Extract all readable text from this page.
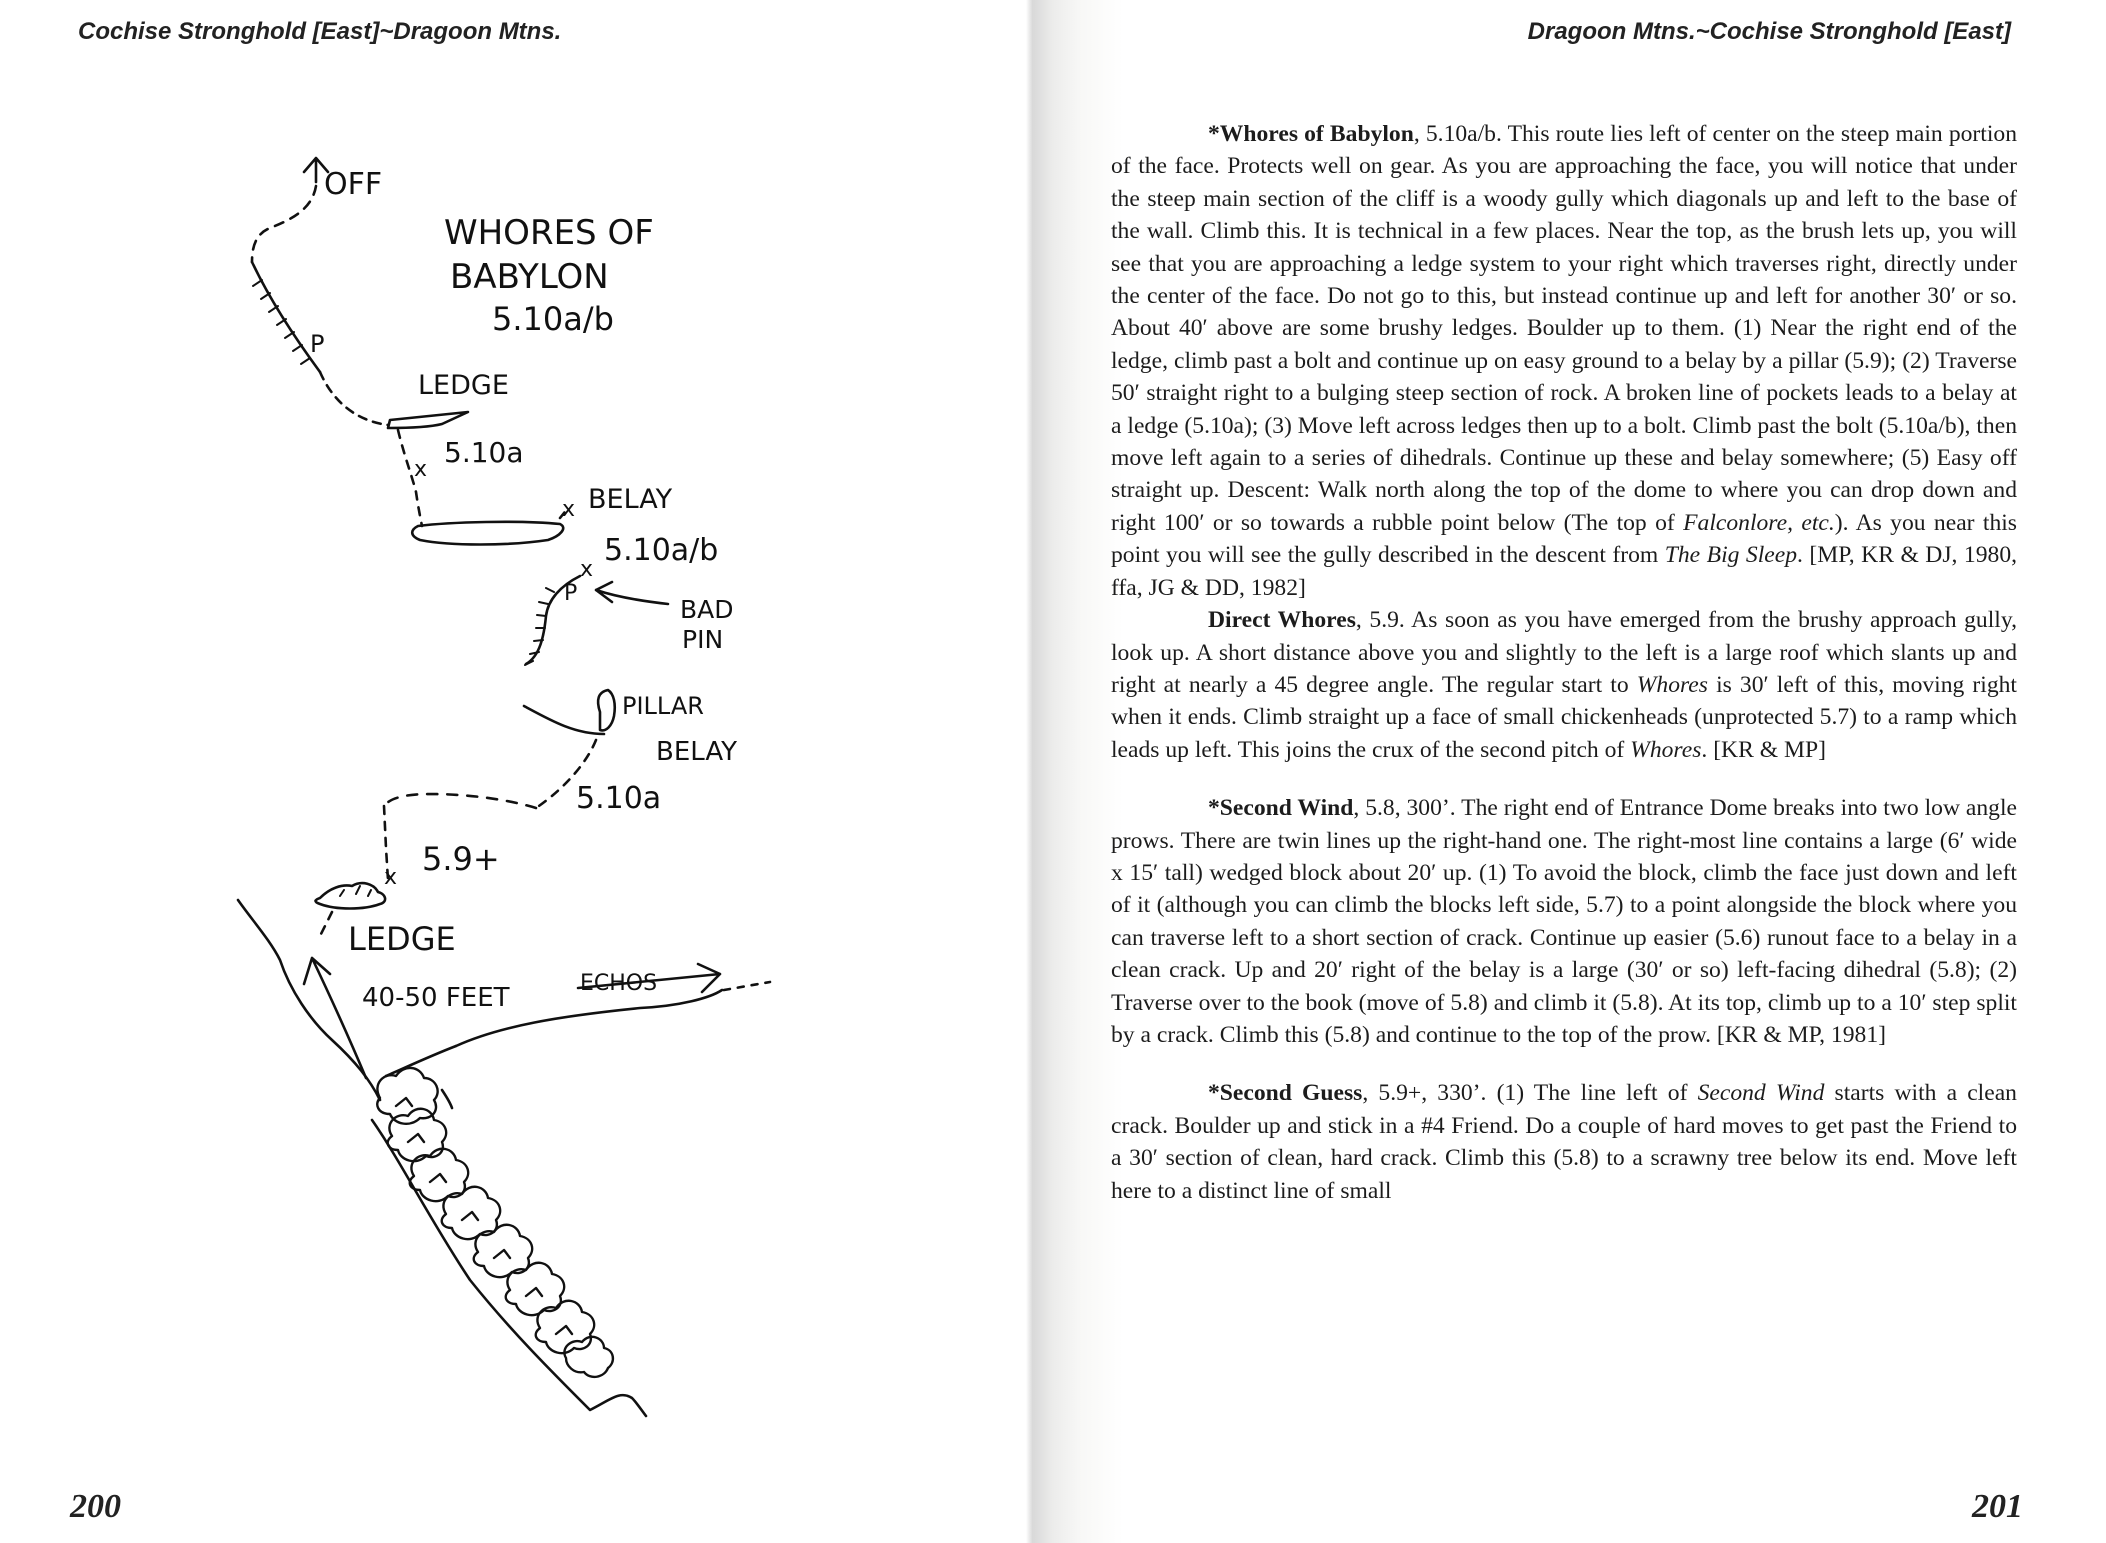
Cochise Stronghold [East]~Dragoon Mtns.
OFF
WHORES OF
BABYLON
5.10a/b
P
LEDGE
x
5.10a
x BELAY
5.10a/b
x
P
BAD
PIN
PILLAR
BELAY
5.10a
5.9+
x
LEDGE
40-50 FEET	ECHOS
200
Dragoon Mtns.~Cochise Stronghold [East]

*Whores of Babylon, 5.10a/b. This route lies left of center on the steep main portion of the face. Protects well on gear. As you are approaching the face, you will notice that under the steep main section of the cliff is a woody gully which diagonals up and left to the base of the wall. Climb this. It is technical in a few places. Near the top, as the brush lets up, you will see that you are approaching a ledge system to your right which traverses right, directly under the center of the face. Do not go to this, but instead continue up and left for another 30′ or so. About 40′ above are some brushy ledges. Boulder up to them. (1) Near the right end of the ledge, climb past a bolt and continue up on easy ground to a belay by a pillar (5.9); (2) Traverse 50′ straight right to a bulging steep section of rock. A broken line of pockets leads to a belay at a ledge (5.10a); (3) Move left across ledges then up to a bolt. Climb past the bolt (5.10a/b), then move left again to a series of dihedrals. Continue up these and belay somewhere; (5) Easy off straight up. Descent: Walk north along the top of the dome to where you can drop down and right 100′ or so towards a rubble point below (The top of Falconlore, etc.). As you near this point you will see the gully described in the descent from The Big Sleep. [MP, KR & DJ, 1980, ffa, JG & DD, 1982]

Direct Whores, 5.9. As soon as you have emerged from the brushy approach gully, look up. A short distance above you and slightly to the left is a large roof which slants up and right at nearly a 45 degree angle. The regular start to Whores is 30′ left of this, moving right when it ends. Climb straight up a face of small chickenheads (unprotected 5.7) to a ramp which leads up left. This joins the crux of the second pitch of Whores. [KR & MP]

*Second Wind, 5.8, 300’. The right end of Entrance Dome breaks into two low angle prows. There are twin lines up the right-hand one. The right-most line contains a large (6′ wide x 15′ tall) wedged block about 20′ up. (1) To avoid the block, climb the face just down and left of it (although you can climb the blocks left side, 5.7) to a point alongside the block where you can traverse left to a short section of crack. Continue up easier (5.6) runout face to a belay in a clean crack. Up and 20′ right of the belay is a large (30′ or so) left-facing dihedral (5.8); (2) Traverse over to the book (move of 5.8) and climb it (5.8). At its top, climb up to a 10′ step split by a crack. Climb this (5.8) and continue to the top of the prow. [KR & MP, 1981]

*Second Guess, 5.9+, 330’. (1) The line left of Second Wind starts with a clean crack. Boulder up and stick in a #4 Friend. Do a couple of hard moves to get past the Friend to a 30′ section of clean, hard crack. Climb this (5.8) to a scrawny tree below its end. Move left here to a distinct line of small

201
